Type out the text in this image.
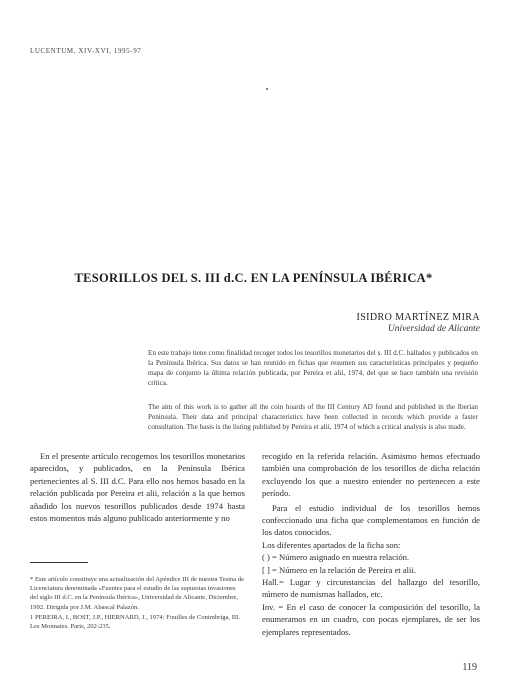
LUCENTUM, XIV-XVI, 1995-97
TESORILLOS DEL S. III d.C. EN LA PENÍNSULA IBÉRICA*
ISIDRO MARTÍNEZ MIRA
Universidad de Alicante
En este trabajo tiene como finalidad recoger todos los tesorillos monetarios del s. III d.C. hallados y publicados en la Península Ibérica. Sus datos se han reunido en fichas que resumen sus características principales y pequeño mapa de conjunto la última relación publicada, por Pereira et alii, 1974, del que se hace también una revisión crítica.
The aim of this work is to gather all the coin hoards of the III Century AD found and published in the Iberian Peninsula. Their data and principal characteristics have been collected in records which provide a faster consultation. The basis is the listing published by Pereira et alii, 1974 of which a critical analysis is also made.

En el presente artículo recogemos los tesorillos monetarios aparecidos, y publicados, en la Península Ibérica pertenecientes al S. III d.C. Para ello nos hemos basado en la relación publicada por Pereira et alii, relación a la que hemos añadido los nuevos tesorillos publicados desde 1974 hasta estos momentos más alguno publicado anteriormente y no

recogido en la referida relación. Asimismo hemos efectuado también una comprobación de los tesorillos de dicha relación excluyendo los que a nuestro entender no pertenecen a este período.

Para el estudio individual de los tesorillos hemos confeccionado una ficha que complementamos en función de los datos conocidos.

Los diferentes apartados de la ficha son:

( ) = Número asignado en nuestra relación.

[ ] = Número en la relación de Pereira et alii.

Hall.= Lugar y circunstancias del hallazgo del tesorillo, número de numismas hallados, etc.

Inv. = En el caso de conocer la composición del tesorillo, la enumeramos en un cuadro, con pocas ejemplares, de ser los ejemplares representados.

* Este artículo constituye una actualización del Apéndice III de nuestra Tesina de Licenciatura denominada «Fuentes para el estudio de las supuestas invasiones del siglo III d.C. en la Península Ibérica», Universidad de Alicante, Diciembre, 1992. Dirigida por J.M. Abascal Palazón.

1 PEREIRA, I., BOST, J.P., HIERNARD, J., 1974: Fouilles de Conimbriga, III. Les Monnaies. Paris, 202-235.

119
